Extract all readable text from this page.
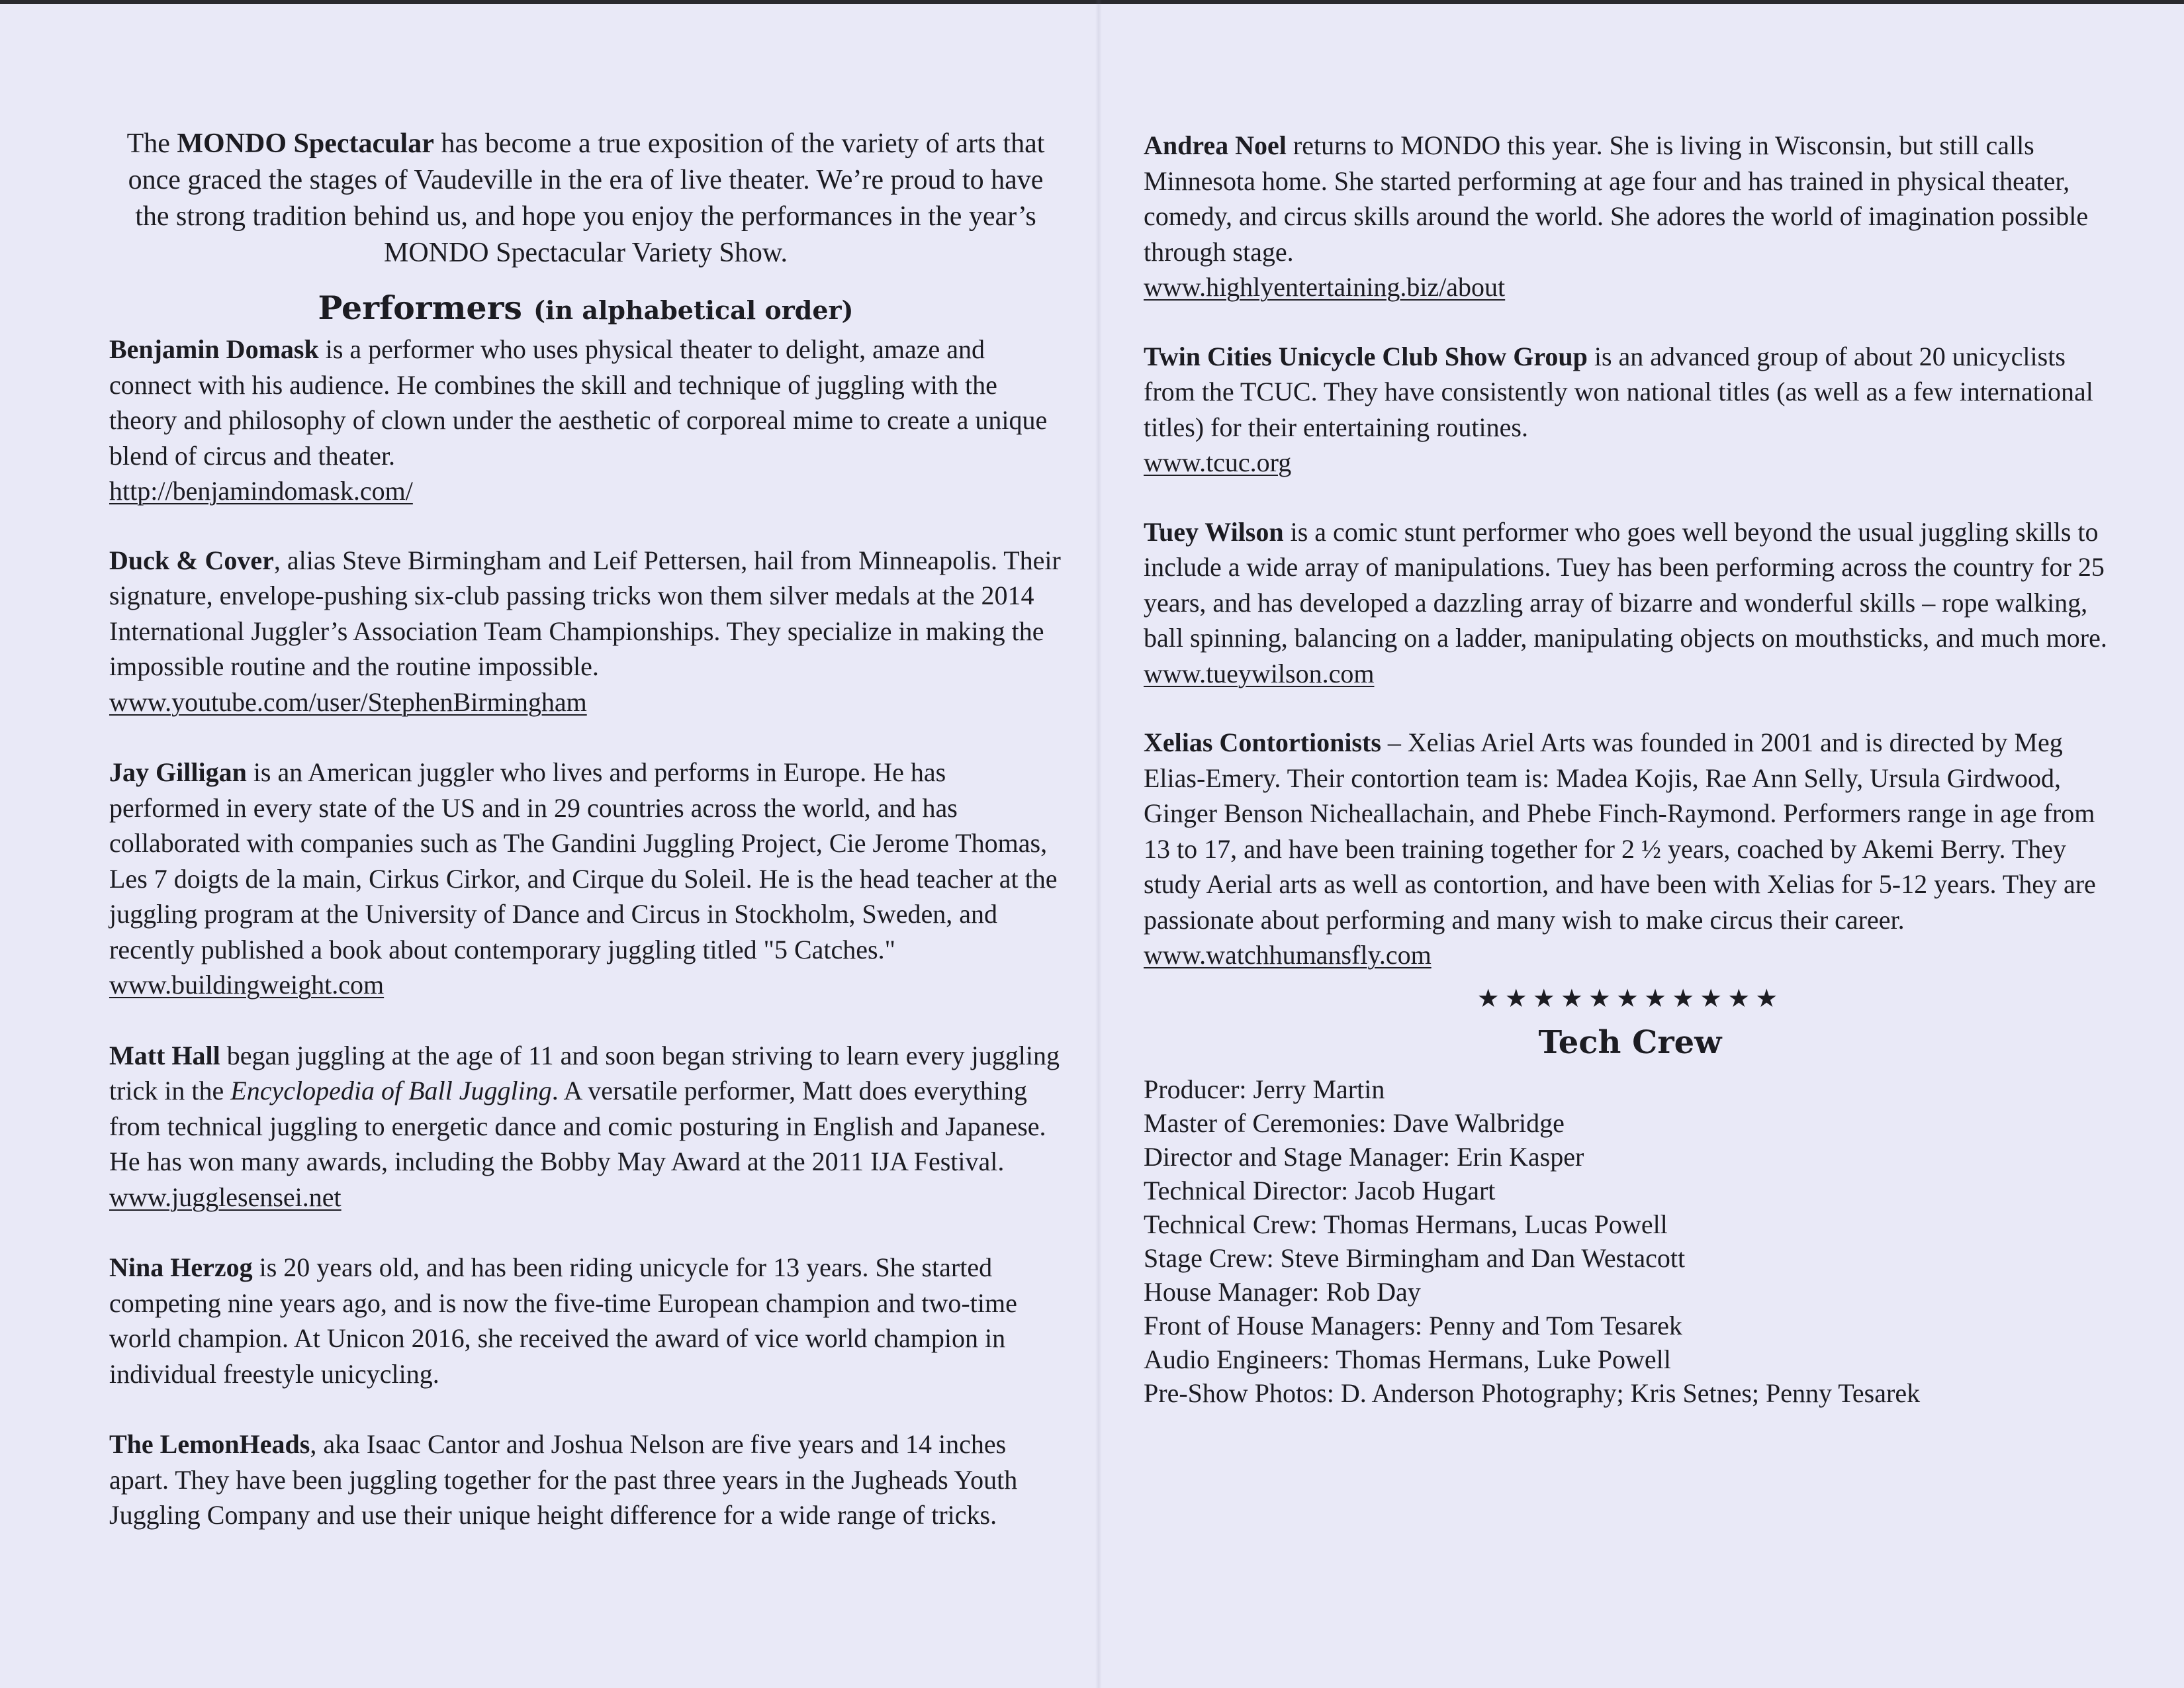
The MONDO Spectacular has become a true exposition of the variety of arts that once graced the stages of Vaudeville in the era of live theater. We’re proud to have the strong tradition behind us, and hope you enjoy the performances in the year’s MONDO Spectacular Variety Show.

Performers (in alphabetical order)

Benjamin Domask is a performer who uses physical theater to delight, amaze and connect with his audience. He combines the skill and technique of juggling with the theory and philosophy of clown under the aesthetic of corporeal mime to create a unique blend of circus and theater.
http://benjamindomask.com/

Duck & Cover, alias Steve Birmingham and Leif Pettersen, hail from Minneapolis. Their signature, envelope-pushing six-club passing tricks won them silver medals at the 2014 International Juggler’s Association Team Championships. They specialize in making the impossible routine and the routine impossible. www.youtube.com/user/StephenBirmingham

Jay Gilligan is an American juggler who lives and performs in Europe. He has performed in every state of the US and in 29 countries across the world, and has collaborated with companies such as The Gandini Juggling Project, Cie Jerome Thomas, Les 7 doigts de la main, Cirkus Cirkor, and Cirque du Soleil. He is the head teacher at the juggling program at the University of Dance and Circus in Stockholm, Sweden, and recently published a book about contemporary juggling titled "5 Catches." www.buildingweight.com

Matt Hall began juggling at the age of 11 and soon began striving to learn every juggling trick in the Encyclopedia of Ball Juggling. A versatile performer, Matt does everything from technical juggling to energetic dance and comic posturing in English and Japanese. He has won many awards, including the Bobby May Award at the 2011 IJA Festival. www.jugglesensei.net

Nina Herzog is 20 years old, and has been riding unicycle for 13 years. She started competing nine years ago, and is now the five-time European champion and two-time world champion. At Unicon 2016, she received the award of vice world champion in individual freestyle unicycling.

The LemonHeads, aka Isaac Cantor and Joshua Nelson are five years and 14 inches apart. They have been juggling together for the past three years in the Jugheads Youth Juggling Company and use their unique height difference for a wide range of tricks.

Andrea Noel returns to MONDO this year. She is living in Wisconsin, but still calls Minnesota home. She started performing at age four and has trained in physical theater, comedy, and circus skills around the world. She adores the world of imagination possible through stage.
www.highlyentertaining.biz/about

Twin Cities Unicycle Club Show Group is an advanced group of about 20 unicyclists from the TCUC. They have consistently won national titles (as well as a few international titles) for their entertaining routines.
www.tcuc.org

Tuey Wilson is a comic stunt performer who goes well beyond the usual juggling skills to include a wide array of manipulations. Tuey has been performing across the country for 25 years, and has developed a dazzling array of bizarre and wonderful skills – rope walking, ball spinning, balancing on a ladder, manipulating objects on mouthsticks, and much more. www.tueywilson.com

Xelias Contortionists – Xelias Ariel Arts was founded in 2001 and is directed by Meg Elias-Emery. Their contortion team is: Madea Kojis, Rae Ann Selly, Ursula Girdwood, Ginger Benson Nicheallachain, and Phebe Finch-Raymond. Performers range in age from 13 to 17, and have been training together for 2 ½ years, coached by Akemi Berry. They study Aerial arts as well as contortion, and have been with Xelias for 5-12 years. They are passionate about performing and many wish to make circus their career.
www.watchhumansfly.com

★★★★★★★★★★★
Tech Crew
Producer: Jerry Martin
Master of Ceremonies: Dave Walbridge
Director and Stage Manager: Erin Kasper
Technical Director: Jacob Hugart
Technical Crew: Thomas Hermans, Lucas Powell
Stage Crew: Steve Birmingham and Dan Westacott
House Manager: Rob Day
Front of House Managers: Penny and Tom Tesarek
Audio Engineers: Thomas Hermans, Luke Powell
Pre-Show Photos: D. Anderson Photography; Kris Setnes; Penny Tesarek
